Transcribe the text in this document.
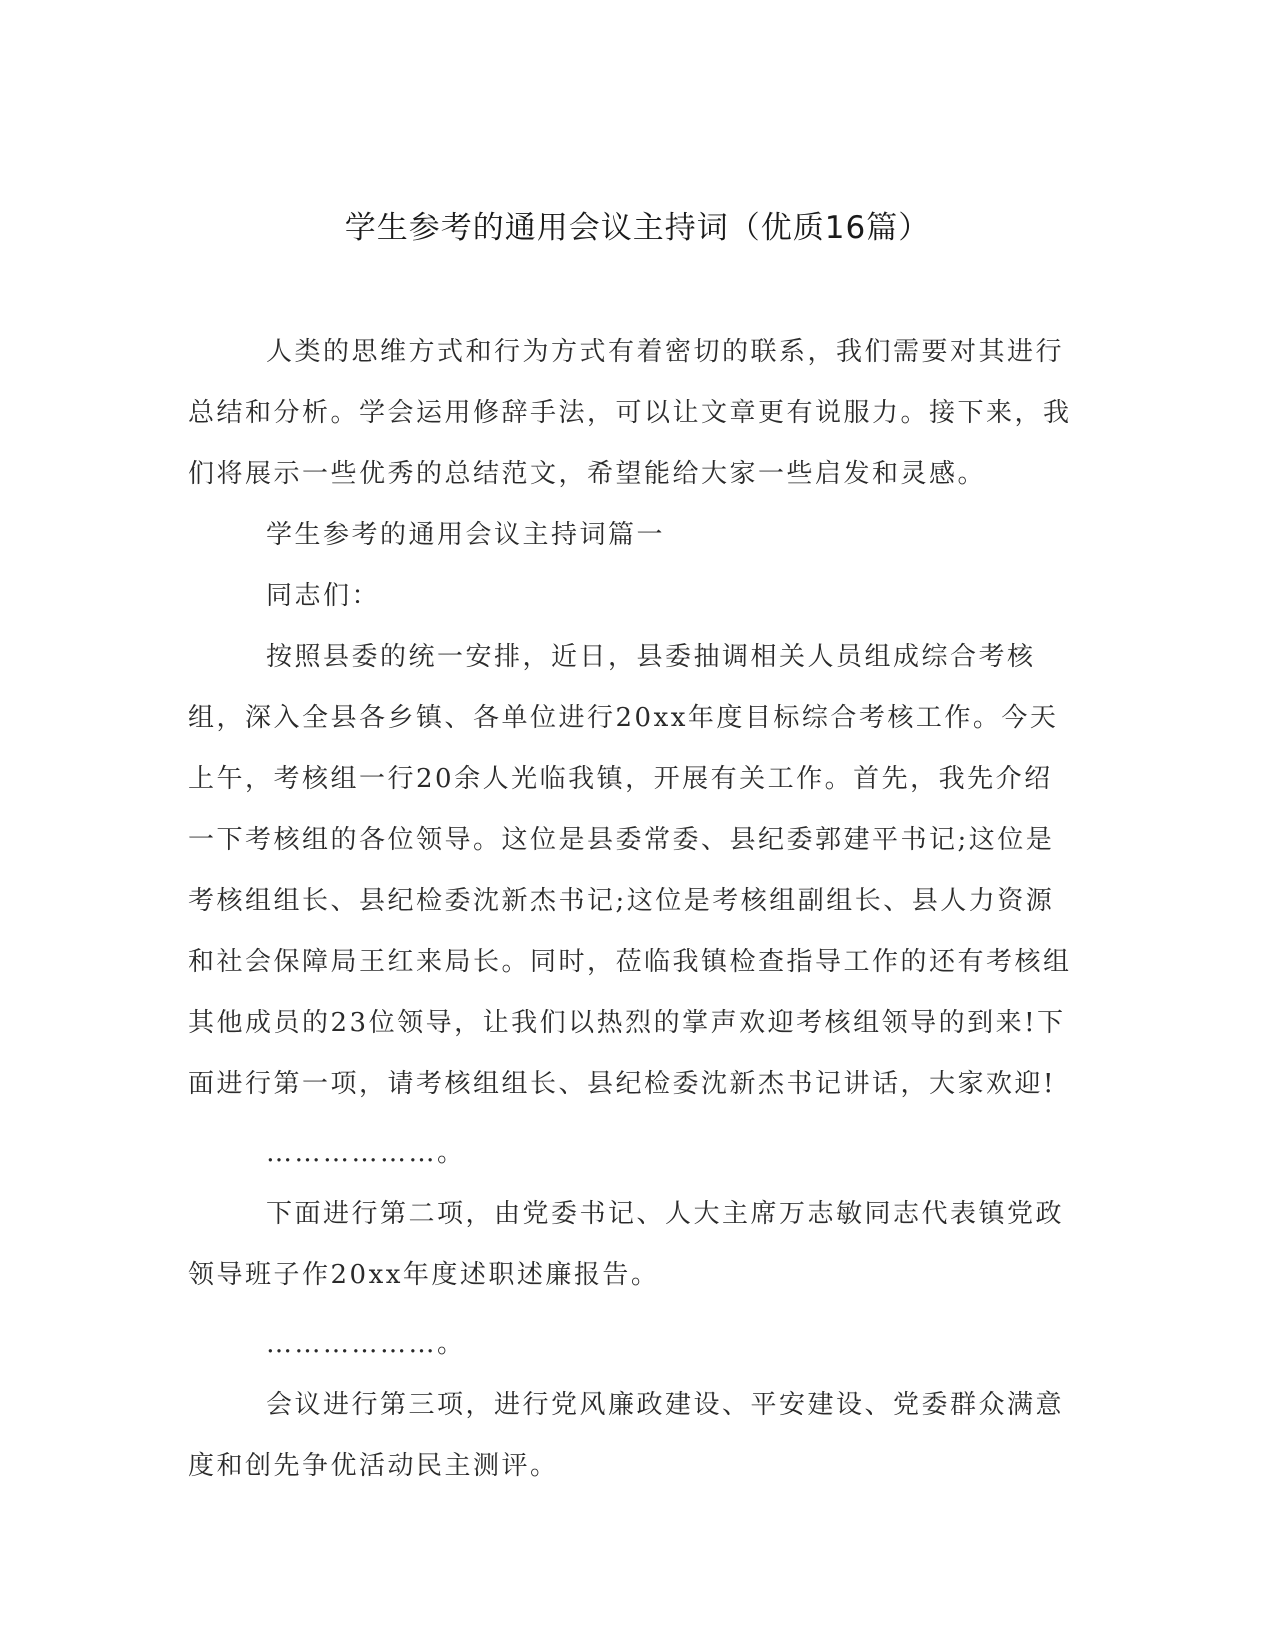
学生参考的通用会议主持词（优质16篇）

人类的思维方式和行为方式有着密切的联系，我们需要对其进行总结和分析。学会运用修辞手法，可以让文章更有说服力。接下来，我们将展示一些优秀的总结范文，希望能给大家一些启发和灵感。

学生参考的通用会议主持词篇一

同志们：

按照县委的统一安排，近日，县委抽调相关人员组成综合考核组，深入全县各乡镇、各单位进行20xx年度目标综合考核工作。今天上午，考核组一行20余人光临我镇，开展有关工作。首先，我先介绍一下考核组的各位领导。这位是县委常委、县纪委郭建平书记;这位是考核组组长、县纪检委沈新杰书记;这位是考核组副组长、县人力资源和社会保障局王红来局长。同时，莅临我镇检查指导工作的还有考核组其他成员的23位领导，让我们以热烈的掌声欢迎考核组领导的到来!下面进行第一项，请考核组组长、县纪检委沈新杰书记讲话，大家欢迎!

………………。

下面进行第二项，由党委书记、人大主席万志敏同志代表镇党政领导班子作20xx年度述职述廉报告。

………………。

会议进行第三项，进行党风廉政建设、平安建设、党委群众满意度和创先争优活动民主测评。
